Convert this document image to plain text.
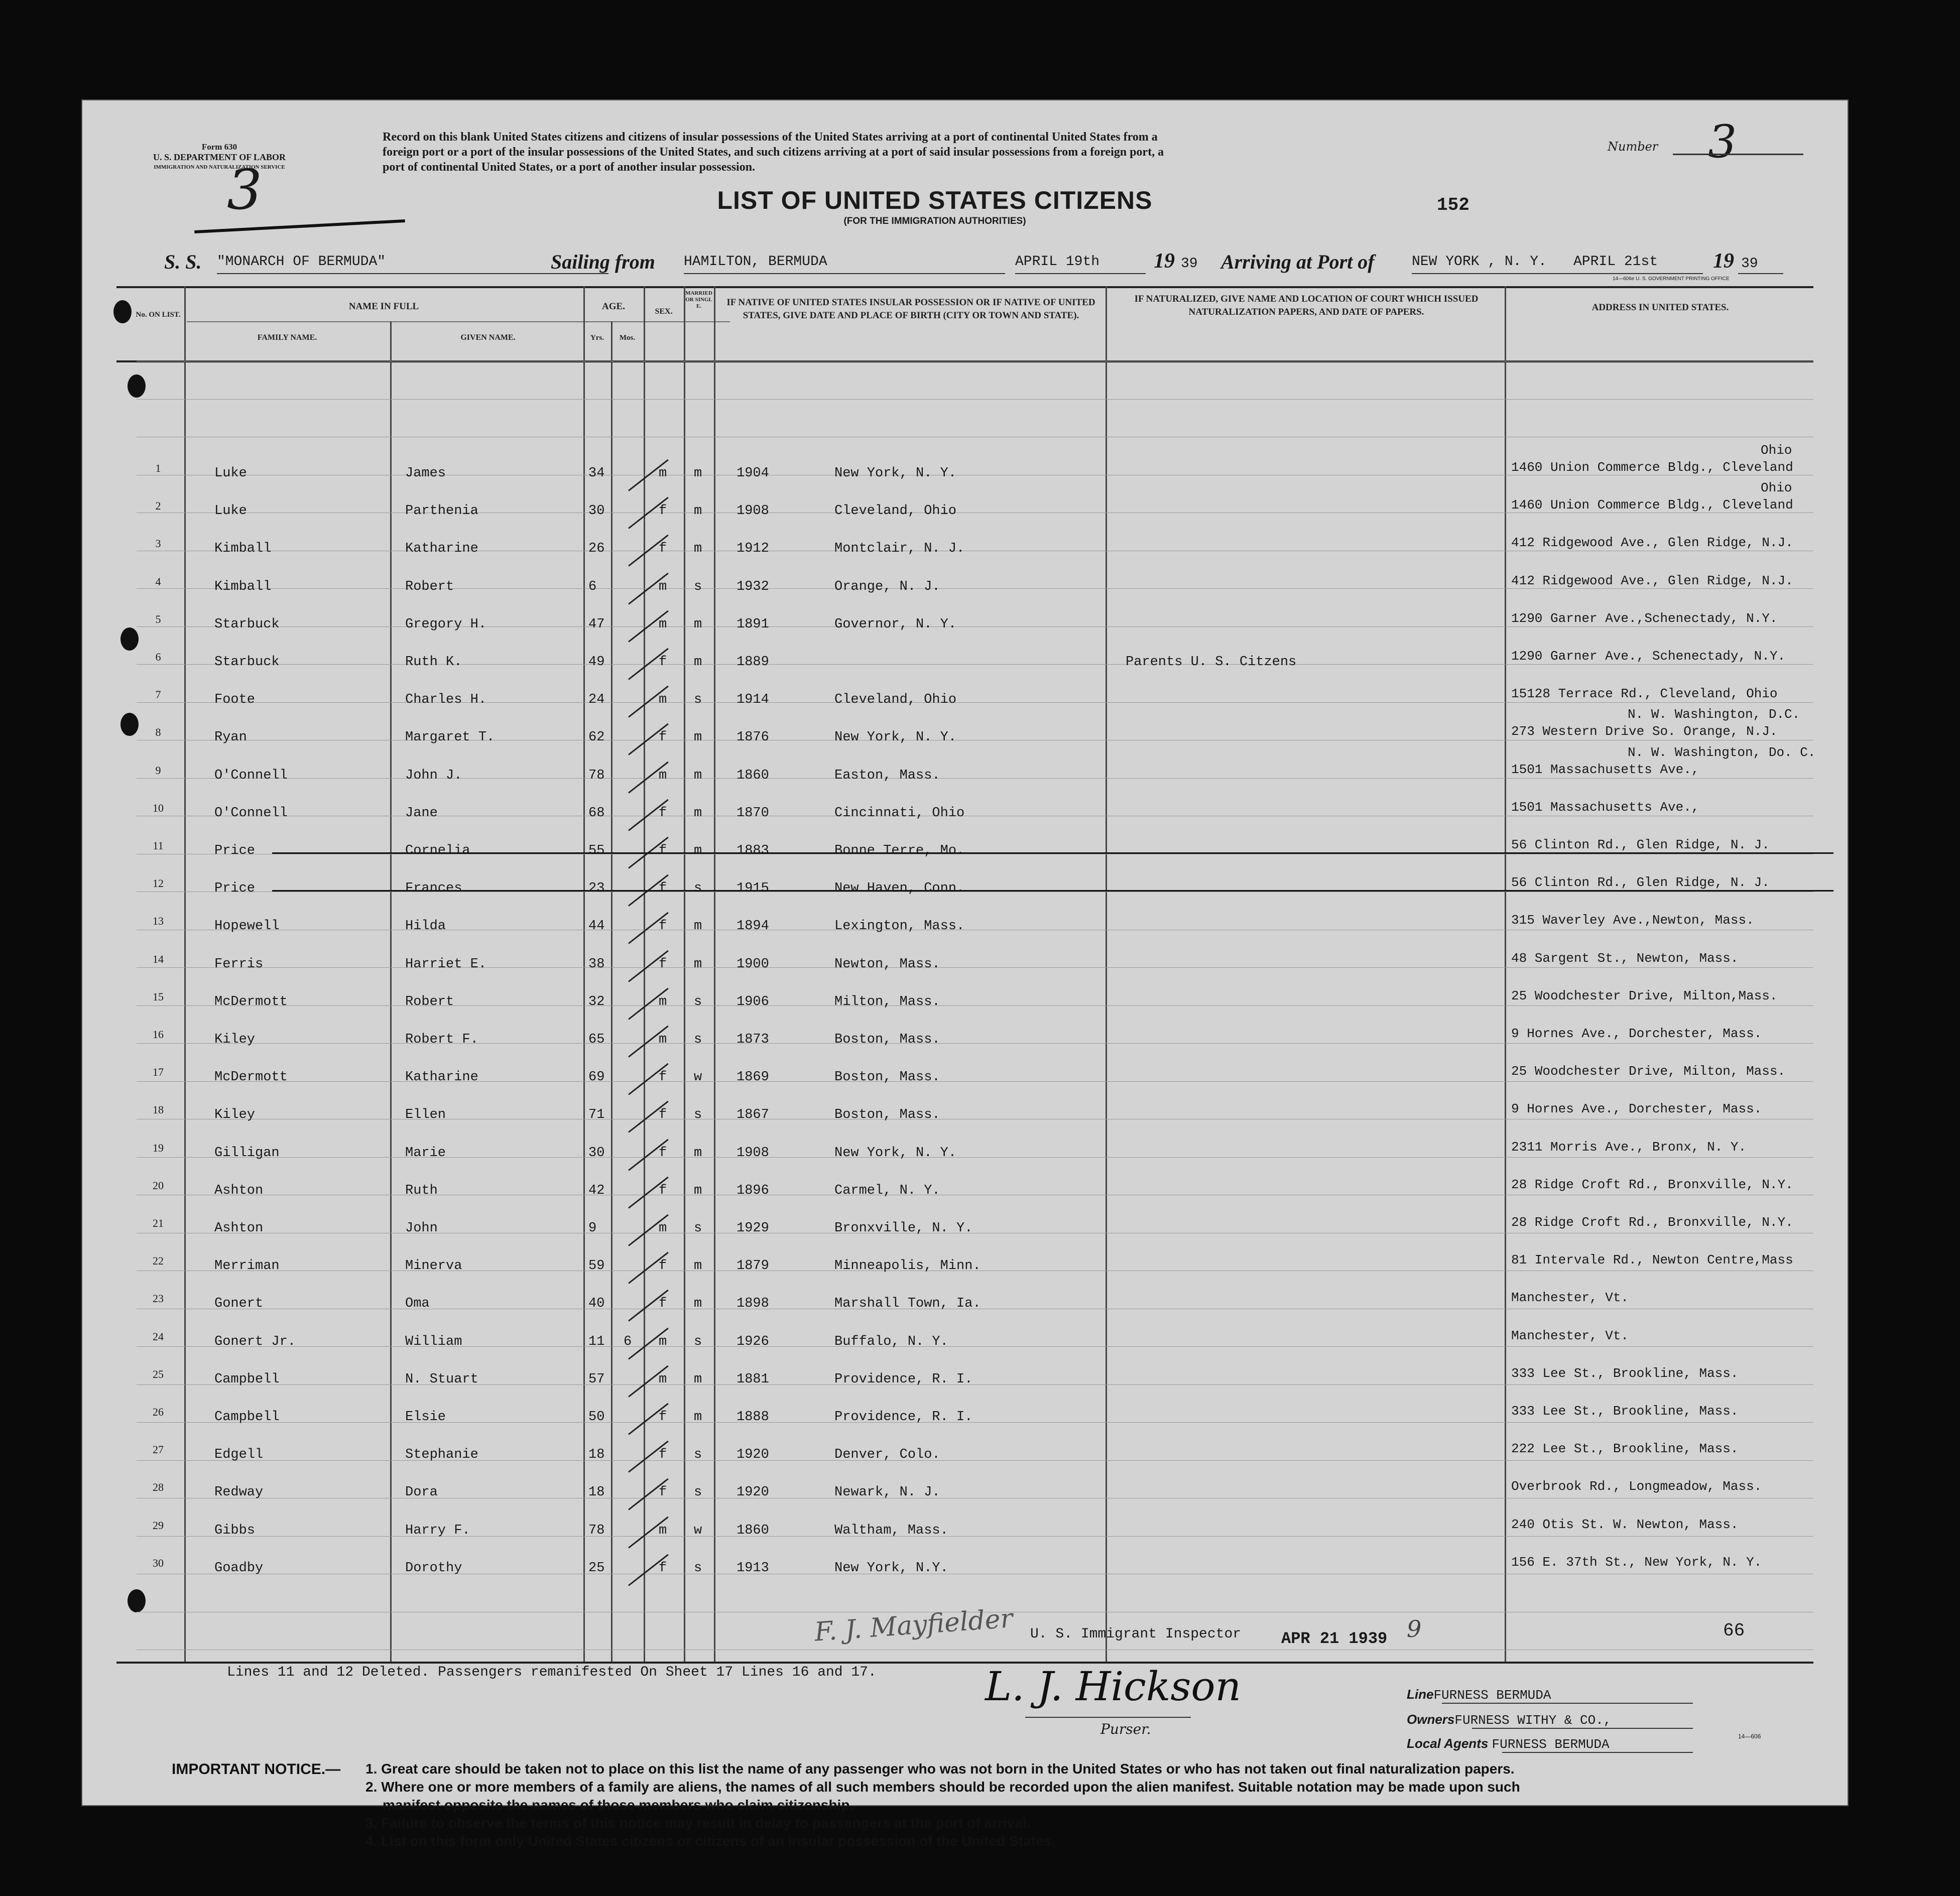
Form 630
U. S. DEPARTMENT OF LABOR
IMMIGRATION AND NATURALIZATION SERVICE
3
Record on this blank United States citizens and citizens of insular possessions of the United States arriving at a port of continental United States from a
foreign port or a port of the insular possessions of the United States, and such citizens arriving at a port of said insular possessions from a foreign port, a
port of continental United States, or a port of another insular possession.
Number 3
LIST OF UNITED STATES CITIZENS
(FOR THE IMMIGRATION AUTHORITIES)
152
S. S. "MONARCH OF BERMUDA"	Sailing from HAMILTON, BERMUDA	APRIL 19th	19 39 Arriving at Port of	NEW YORK , N. Y. APRIL 21st	19 39
14—606e U. S. GOVERNMENT PRINTING OFFICE
No. ON LIST.
NAME IN FULL
FAMILY NAME.	GIVEN NAME.
AGE.
Yrs.	Mos.
SEX.
MARRIED OR SINGLE.	IF NATIVE OF UNITED STATES INSULAR POSSESSION OR IF NATIVE OF UNITED STATES, GIVE DATE AND PLACE OF BIRTH (CITY OR TOWN AND STATE).
IF NATURALIZED, GIVE NAME AND LOCATION OF COURT WHICH ISSUED NATURALIZATION PAPERS, AND DATE OF PAPERS.	ADDRESS IN UNITED STATES.
1	Luke	James	34	m m	1904	New York, N. Y.	1460 Union Commerce Bldg., Cleveland
Ohio
2	Luke	Parthenia	30	f m	1908	Cleveland, Ohio	1460 Union Commerce Bldg., Cleveland
Ohio
3	Kimball	Katharine	26	f m	1912	Montclair, N. J.	412 Ridgewood Ave., Glen Ridge, N.J.
4	Kimball	Robert	6	m s	1932	Orange, N. J.	412 Ridgewood Ave., Glen Ridge, N.J.
5	Starbuck	Gregory H.	47	m m	1891	Governor, N. Y.	1290 Garner Ave.,Schenectady, N.Y.
6	Starbuck	Ruth K.	49	f m	1889	Parents U. S. Citzens	1290 Garner Ave., Schenectady, N.Y.
7	Foote	Charles H.	24	m s	1914	Cleveland, Ohio	15128 Terrace Rd., Cleveland, Ohio
8	Ryan	Margaret T.	62	f m	1876	New York, N. Y.	273 Western Drive So. Orange, N.J.
N. W. Washington, D.C.
9	O'Connell	John J.	78	m m	1860	Easton, Mass.	1501 Massachusetts Ave.,
N. W. Washington, Do. C.
10	O'Connell	Jane	68	f m	1870	Cincinnati, Ohio	1501 Massachusetts Ave.,
11	Price	Cornelia	55	f m	1883	Bonne Terre, Mo.	56 Clinton Rd., Glen Ridge, N. J.
12	Price	Frances	23	f s	1915	New Haven, Conn.	56 Clinton Rd., Glen Ridge, N. J.
13	Hopewell	Hilda	44	f m	1894	Lexington, Mass.	315 Waverley Ave.,Newton, Mass.
14	Ferris	Harriet E.	38	f m	1900	Newton, Mass.	48 Sargent St., Newton, Mass.
15	McDermott	Robert	32	m s	1906	Milton, Mass.	25 Woodchester Drive, Milton,Mass.
16	Kiley	Robert F.	65	m s	1873	Boston, Mass.	9 Hornes Ave., Dorchester, Mass.
17	McDermott	Katharine	69	f w	1869	Boston, Mass.	25 Woodchester Drive, Milton, Mass.
18	Kiley	Ellen	71	f s	1867	Boston, Mass.	9 Hornes Ave., Dorchester, Mass.
19	Gilligan	Marie	30	f m	1908	New York, N. Y.	2311 Morris Ave., Bronx, N. Y.
20	Ashton	Ruth	42	f m	1896	Carmel, N. Y.	28 Ridge Croft Rd., Bronxville, N.Y.
21	Ashton	John	9	m s	1929	Bronxville, N. Y.	28 Ridge Croft Rd., Bronxville, N.Y.
22	Merriman	Minerva	59	f m	1879	Minneapolis, Minn.	81 Intervale Rd., Newton Centre,Mass
23	Gonert	Oma	40	f m	1898	Marshall Town, Ia.	Manchester, Vt.
24	Gonert Jr.	William	11 6 m s	1926	Buffalo, N. Y.	Manchester, Vt.
25	Campbell	N. Stuart	57	m m	1881	Providence, R. I.	333 Lee St., Brookline, Mass.
26	Campbell	Elsie	50	f m	1888	Providence, R. I.	333 Lee St., Brookline, Mass.
27	Edgell	Stephanie	18	f s	1920	Denver, Colo.	222 Lee St., Brookline, Mass.
28	Redway	Dora	18	f s	1920	Newark, N. J.	Overbrook Rd., Longmeadow, Mass.
29	Gibbs	Harry F.	78	m w	1860	Waltham, Mass.	240 Otis St. W. Newton, Mass.
30	Goadby	Dorothy	25	f s	1913	New York, N.Y.	156 E. 37th St., New York, N. Y.
F. J. Mayfielder U. S. Immigrant Inspector APR 21 1939 9	66
Lines 11 and 12 Deleted. Passengers remanifested On Sheet 17 Lines 16 and 17.	L. J. Hickson
Purser.
LineFURNESS BERMUDA
OwnersFURNESS WITHY & CO.,
Local Agents FURNESS BERMUDA
IMPORTANT NOTICE.— 1. Great care should be taken not to place on this list the name of any passenger who was not born in the United States or who has not taken out final naturalization papers.
2. Where one or more members of a family are aliens, the names of all such members should be recorded upon the alien manifest. Suitable notation may be made upon such
manifest opposite the names of those members who claim citizenship.
3. Failure to observe the terms of this notice may result in delay to passengers at the port of arrival.
4. List on this form only United States citizens or citizens of an insular possession of the United States.
14—606
